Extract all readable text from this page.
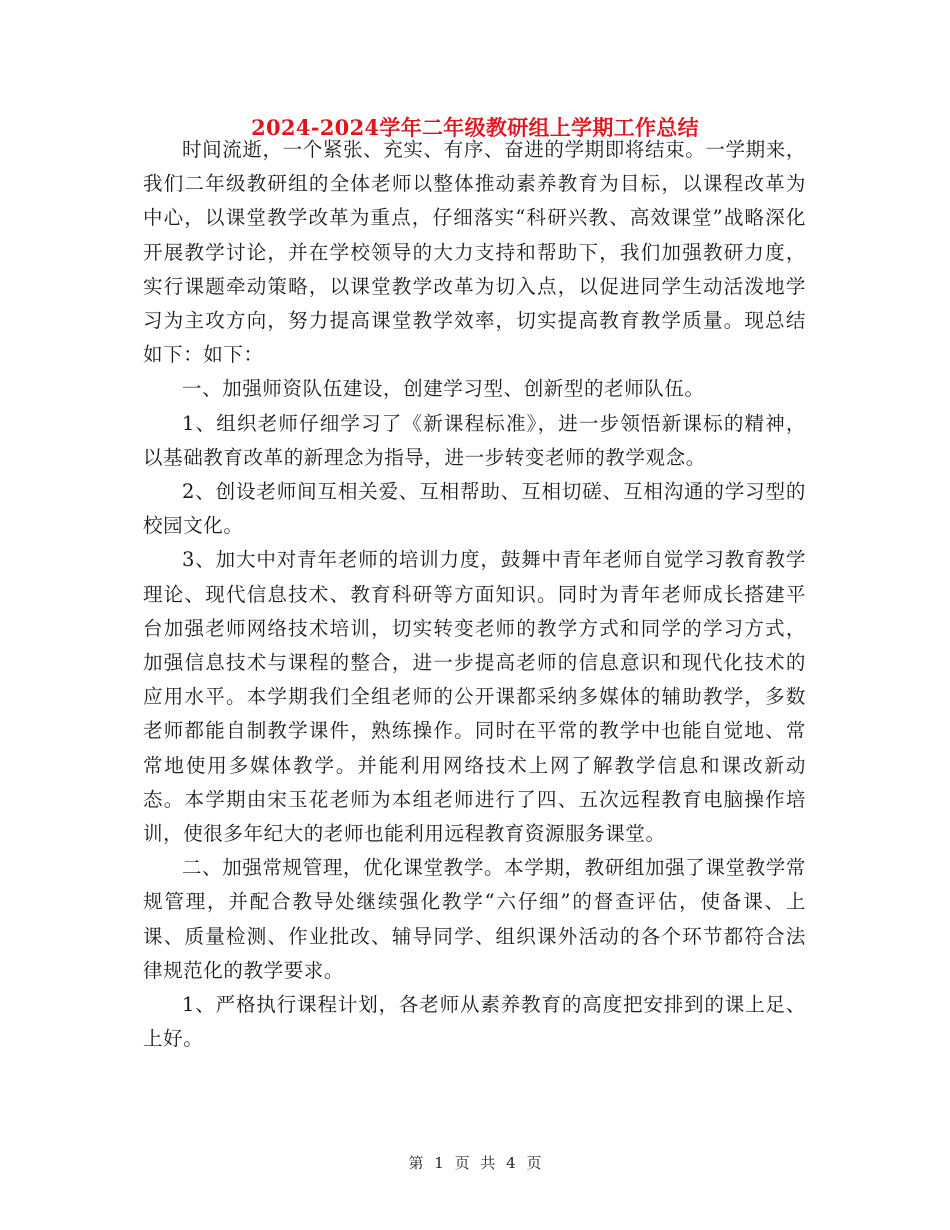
2024-2024学年二年级教研组上学期工作总结

时间流逝，一个紧张、充实、有序、奋进的学期即将结束。一学期来，我们二年级教研组的全体老师以整体推动素养教育为目标，以课程改革为中心，以课堂教学改革为重点，仔细落实“科研兴教、高效课堂”战略深化开展教学讨论，并在学校领导的大力支持和帮助下，我们加强教研力度，实行课题牵动策略，以课堂教学改革为切入点，以促进同学生动活泼地学习为主攻方向，努力提高课堂教学效率，切实提高教育教学质量。现总结如下：如下：

一、加强师资队伍建设，创建学习型、创新型的老师队伍。

1、组织老师仔细学习了《新课程标准》，进一步领悟新课标的精神，以基础教育改革的新理念为指导，进一步转变老师的教学观念。

2、创设老师间互相关爱、互相帮助、互相切磋、互相沟通的学习型的校园文化。

3、加大中对青年老师的培训力度，鼓舞中青年老师自觉学习教育教学理论、现代信息技术、教育科研等方面知识。同时为青年老师成长搭建平台加强老师网络技术培训，切实转变老师的教学方式和同学的学习方式，加强信息技术与课程的整合，进一步提高老师的信息意识和现代化技术的应用水平。本学期我们全组老师的公开课都采纳多媒体的辅助教学，多数老师都能自制教学课件，熟练操作。同时在平常的教学中也能自觉地、常常地使用多媒体教学。并能利用网络技术上网了解教学信息和课改新动态。本学期由宋玉花老师为本组老师进行了四、五次远程教育电脑操作培训，使很多年纪大的老师也能利用远程教育资源服务课堂。

二、加强常规管理，优化课堂教学。本学期，教研组加强了课堂教学常规管理，并配合教导处继续强化教学“六仔细”的督查评估，使备课、上课、质量检测、作业批改、辅导同学、组织课外活动的各个环节都符合法律规范化的教学要求。

1、严格执行课程计划，各老师从素养教育的高度把安排到的课上足、上好。

第 1 页 共 4 页
